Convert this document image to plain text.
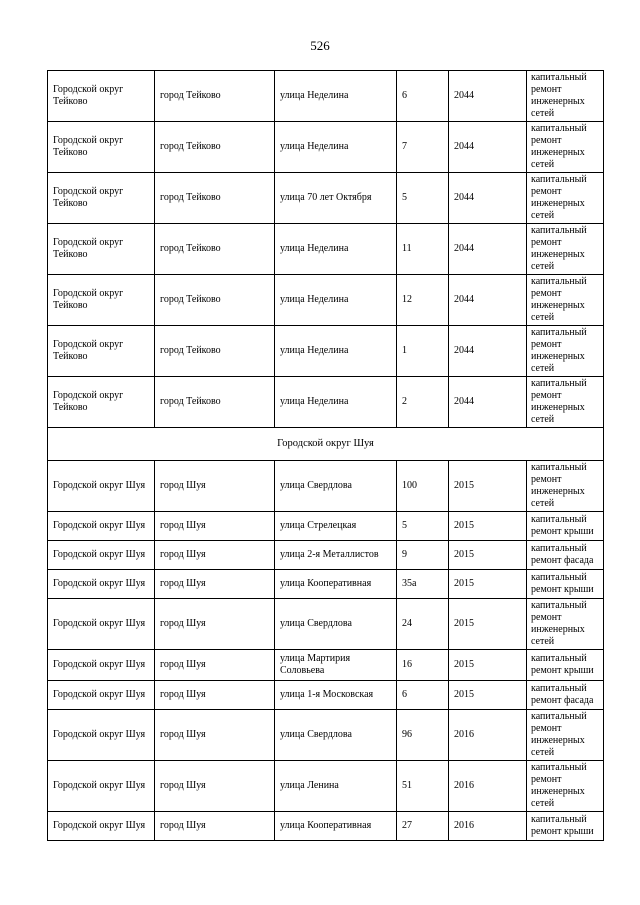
526
Городской округ Тейково	город Тейково	улица Неделина	6	2044	капитальный ремонт инженерных сетей
Городской округ Тейково	город Тейково	улица Неделина	7	2044	капитальный ремонт инженерных сетей
Городской округ Тейково	город Тейково	улица 70 лет Октября	5	2044	капитальный ремонт инженерных сетей
Городской округ Тейково	город Тейково	улица Неделина	11	2044	капитальный ремонт инженерных сетей
Городской округ Тейково	город Тейково	улица Неделина	12	2044	капитальный ремонт инженерных сетей
Городской округ Тейково	город Тейково	улица Неделина	1	2044	капитальный ремонт инженерных сетей
Городской округ Тейково	город Тейково	улица Неделина	2	2044	капитальный ремонт инженерных сетей
Городской округ Шуя					
Городской округ Шуя	город Шуя	улица Свердлова	100	2015	капитальный ремонт инженерных сетей
Городской округ Шуя	город Шуя	улица Стрелецкая	5	2015	капитальный ремонт крыши
Городской округ Шуя	город Шуя	улица 2-я Металлистов	9	2015	капитальный ремонт фасада
Городской округ Шуя	город Шуя	улица Кооперативная	35а	2015	капитальный ремонт крыши
Городской округ Шуя	город Шуя	улица Свердлова	24	2015	капитальный ремонт инженерных сетей
Городской округ Шуя	город Шуя	улица Мартирия Соловьева	16	2015	капитальный ремонт крыши
Городской округ Шуя	город Шуя	улица 1-я Московская	6	2015	капитальный ремонт фасада
Городской округ Шуя	город Шуя	улица Свердлова	96	2016	капитальный ремонт инженерных сетей
Городской округ Шуя	город Шуя	улица Ленина	51	2016	капитальный ремонт инженерных сетей
Городской округ Шуя	город Шуя	улица Кооперативная	27	2016	капитальный ремонт крыши
